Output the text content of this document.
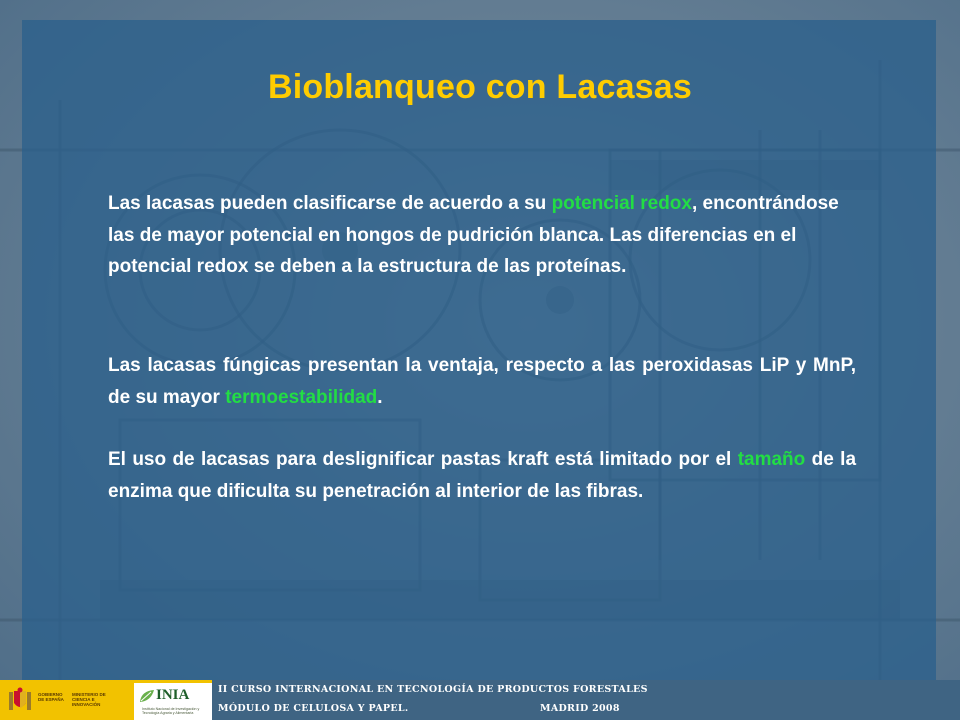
Bioblanqueo con Lacasas
Las lacasas pueden clasificarse de acuerdo a su potencial redox, encontrándose las de mayor potencial en hongos de pudrición blanca. Las diferencias en el potencial redox se deben a la estructura de las proteínas.
Las lacasas fúngicas presentan la ventaja, respecto a las peroxidasas LiP y MnP, de su mayor termoestabilidad.
El uso de lacasas para deslignificar pastas kraft está limitado por el tamaño de la enzima que dificulta su penetración al interior de las fibras.
GOBIERNO DE ESPAÑA
MINISTERIO DE CIENCIA E INNOVACIÓN
INIA
Instituto Nacional de Investigación y Tecnología Agraria y Alimentaria
II CURSO INTERNACIONAL EN TECNOLOGÍA DE PRODUCTOS FORESTALES
MÓDULO DE CELULOSA Y PAPEL.	MADRID 2008
